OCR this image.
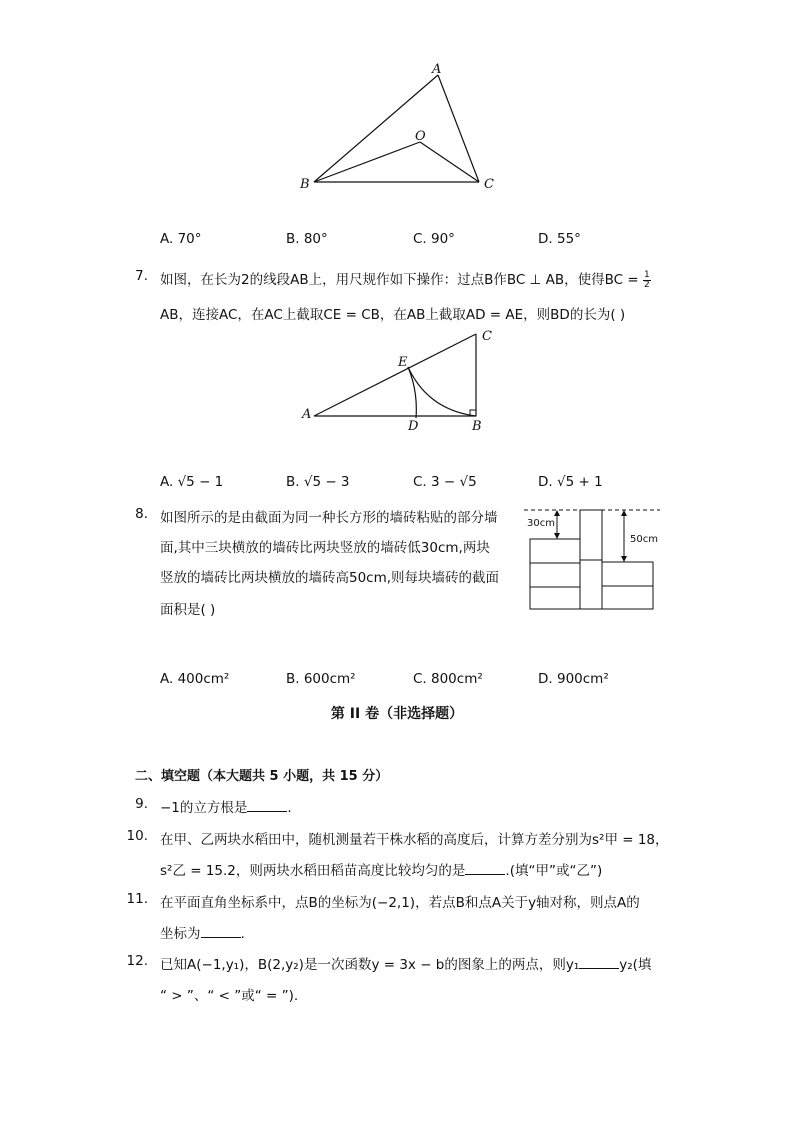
A
O
B	C
A. 70°	B. 80°	C. 90°	D. 55°
7. 如图，在长为2的线段AB上，用尺规作如下操作：过点B作BC ⊥ AB，使得BC = $\frac{1}{2}$
AB，连接AC，在AC上截取CE = CB，在AB上截取AD = AE，则BD的长为( )
A
B
C
D
E
A. √5 − 1	B. √5 − 3	C. 3 − √5	D. √5 + 1
8. 如图所示的是由截面为同一种长方形的墙砖粘贴的部分墙
面,其中三块横放的墙砖比两块竖放的墙砖低30cm,两块
竖放的墙砖比两块横放的墙砖高50cm,则每块墙砖的截面
面积是( )
30cm
50cm
A. 400cm²	B. 600cm²	C. 800cm²	D. 900cm²
第 II 卷（非选择题）
二、填空题（本大题共 5 小题，共 15 分）
9. −1的立方根是	.
10. 在甲、乙两块水稻田中，随机测量若干株水稻的高度后，计算方差分别为s²甲 = 18，
s²乙 = 15.2，则两块水稻田稻苗高度比较均匀的是	.(填“甲”或“乙”)
11. 在平面直角坐标系中，点B的坐标为(−2,1)，若点B和点A关于y轴对称，则点A的
坐标为	.
12. 已知A(−1,y₁)，B(2,y₂)是一次函数y = 3x − b的图象上的两点，则y₁	y₂(填
“ > ”、“ < ”或“ = ”).
